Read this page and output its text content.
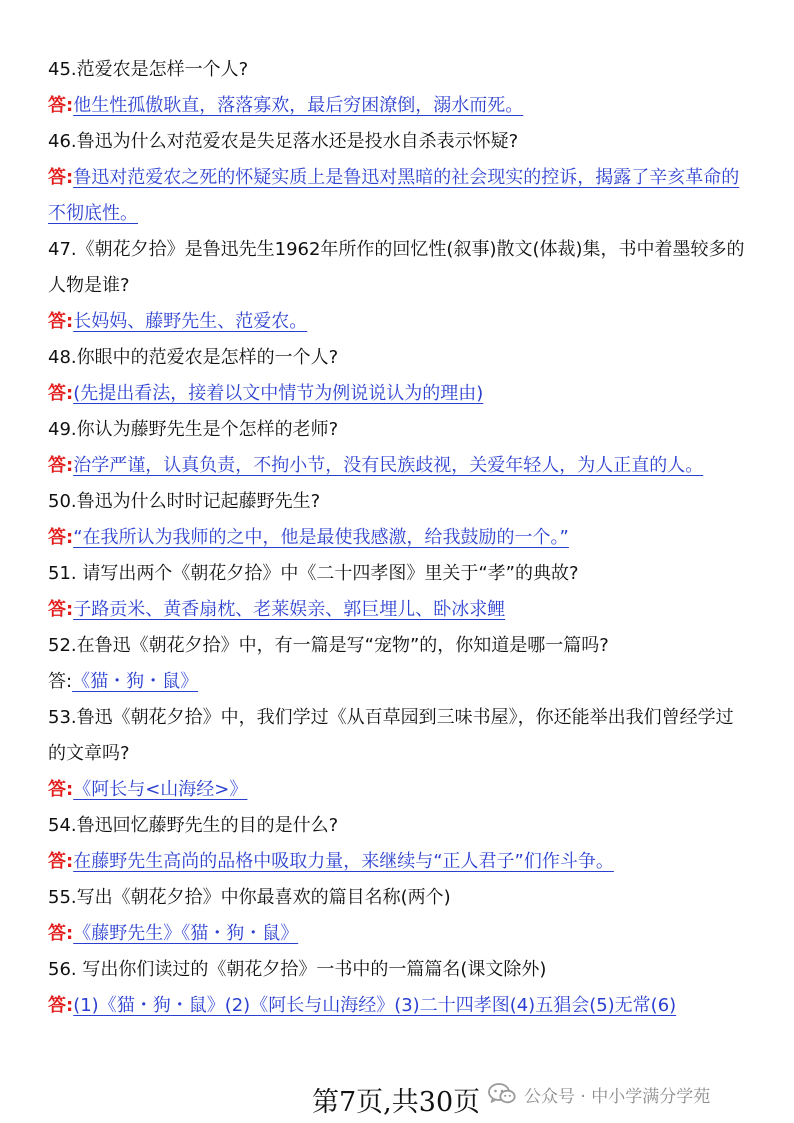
45.范爱农是怎样一个人?
答:他生性孤傲耿直，落落寡欢，最后穷困潦倒，溺水而死。
46.鲁迅为什么对范爱农是失足落水还是投水自杀表示怀疑?
答:鲁迅对范爱农之死的怀疑实质上是鲁迅对黑暗的社会现实的控诉，揭露了辛亥革命的不彻底性。
47.《朝花夕拾》是鲁迅先生1962年所作的回忆性(叙事)散文(体裁)集，书中着墨较多的人物是谁?
答:长妈妈、藤野先生、范爱农。
48.你眼中的范爱农是怎样的一个人?
答:(先提出看法，接着以文中情节为例说说认为的理由)
49.你认为藤野先生是个怎样的老师?
答:治学严谨，认真负责，不拘小节，没有民族歧视，关爱年轻人，为人正直的人。
50.鲁迅为什么时时记起藤野先生?
答:“在我所认为我师的之中，他是最使我感激，给我鼓励的一个。”
51. 请写出两个《朝花夕拾》中《二十四孝图》里关于“孝”的典故?
答:子路贡米、黄香扇枕、老莱娱亲、郭巨埋儿、卧冰求鲤
52.在鲁迅《朝花夕拾》中，有一篇是写“宠物”的，你知道是哪一篇吗?
答:《猫・狗・鼠》
53.鲁迅《朝花夕拾》中，我们学过《从百草园到三味书屋》，你还能举出我们曾经学过的文章吗?
答:《阿长与<山海经>》
54.鲁迅回忆藤野先生的目的是什么?
答:在藤野先生高尚的品格中吸取力量，来继续与“正人君子”们作斗争。
55.写出《朝花夕拾》中你最喜欢的篇目名称(两个)
答:《藤野先生》《猫・狗・鼠》
56. 写出你们读过的《朝花夕拾》一书中的一篇篇名(课文除外)
答:(1)《猫・狗・鼠》(2)《阿长与山海经》(3)二十四孝图(4)五猖会(5)无常(6)
第7页,共30页	公众号 · 中小学满分学苑
